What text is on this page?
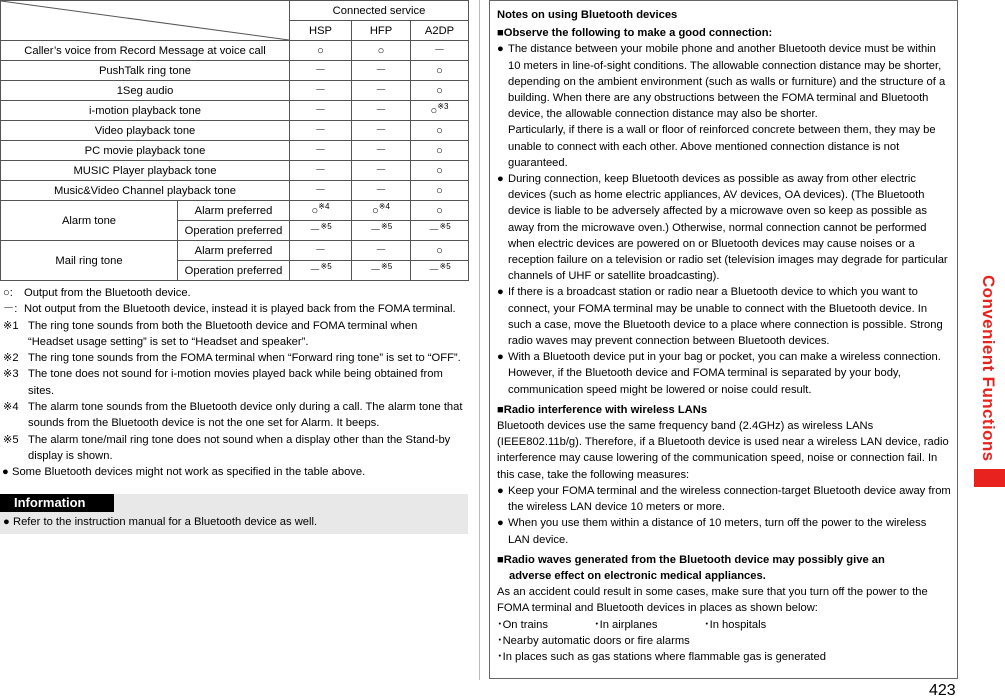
	Connected service		
		HSP	HFP	A2DP
Caller’s voice from Record Message at voice call		○	○	－
PushTalk ring tone		－	－	○
1Seg audio		－	－	○
i-motion playback tone		－	－	○$^{※3}$
Video playback tone		－	－	○
PC movie playback tone		－	－	○
MUSIC Player playback tone		－	－	○
Music&Video Channel playback tone		－	－	○
Alarm tone	Alarm preferred	○$^{※4}$	○$^{※4}$	○
	Operation preferred	－$^{※5}$	－$^{※5}$	－$^{※5}$
Mail ring tone	Alarm preferred	－	－	○
	Operation preferred	－$^{※5}$	－$^{※5}$	－$^{※5}$
○: Output from the Bluetooth device.
－: Not output from the Bluetooth device, instead it is played back from the FOMA terminal.
※1 The ring tone sounds from both the Bluetooth device and FOMA terminal when “Headset usage setting” is set to “Headset and speaker”.
※2 The ring tone sounds from the FOMA terminal when “Forward ring tone” is set to “OFF”.
※3 The tone does not sound for i-motion movies played back while being obtained from sites.
※4 The alarm tone sounds from the Bluetooth device only during a call. The alarm tone that sounds from the Bluetooth device is not the one set for Alarm. It beeps.
※5 The alarm tone/mail ring tone does not sound when a display other than the Stand-by display is shown.
● Some Bluetooth devices might not work as specified in the table above.
Information
● Refer to the instruction manual for a Bluetooth device as well.
Notes on using Bluetooth devices
■Observe the following to make a good connection:
● The distance between your mobile phone and another Bluetooth device must be within 10 meters in line-of-sight conditions. The allowable connection distance may be shorter, depending on the ambient environment (such as walls or furniture) and the structure of a building. When there are any obstructions between the FOMA terminal and Bluetooth device, the allowable connection distance may also be shorter.
Particularly, if there is a wall or floor of reinforced concrete between them, they may be unable to connect with each other. Above mentioned connection distance is not guaranteed.
● During connection, keep Bluetooth devices as possible as away from other electric devices (such as home electric appliances, AV devices, OA devices). (The Bluetooth device is liable to be adversely affected by a microwave oven so keep as possible as away from the microwave oven.) Otherwise, normal connection cannot be performed when electric devices are powered on or Bluetooth devices may cause noises or a reception failure on a television or radio set (television images may degrade for particular channels of UHF or satellite broadcasting).
● If there is a broadcast station or radio near a Bluetooth device to which you want to connect, your FOMA terminal may be unable to connect with the Bluetooth device. In such a case, move the Bluetooth device to a place where connection is possible. Strong radio waves may prevent connection between Bluetooth devices.
● With a Bluetooth device put in your bag or pocket, you can make a wireless connection. However, if the Bluetooth device and FOMA terminal is separated by your body, communication speed might be lowered or noise could result.
■Radio interference with wireless LANs
Bluetooth devices use the same frequency band (2.4GHz) as wireless LANs (IEEE802.11b/g). Therefore, if a Bluetooth device is used near a wireless LAN device, radio interference may cause lowering of the communication speed, noise or connection fail. In this case, take the following measures:
● Keep your FOMA terminal and the wireless connection-target Bluetooth device away from the wireless LAN device 10 meters or more.
● When you use them within a distance of 10 meters, turn off the power to the wireless LAN device.
■Radio waves generated from the Bluetooth device may possibly give an
adverse effect on electronic medical appliances.
As an accident could result in some cases, make sure that you turn off the power to the FOMA terminal and Bluetooth devices in places as shown below:
･On trains	･In airplanes	･In hospitals
･Nearby automatic doors or fire alarms
･In places such as gas stations where flammable gas is generated
Convenient Functions
423
